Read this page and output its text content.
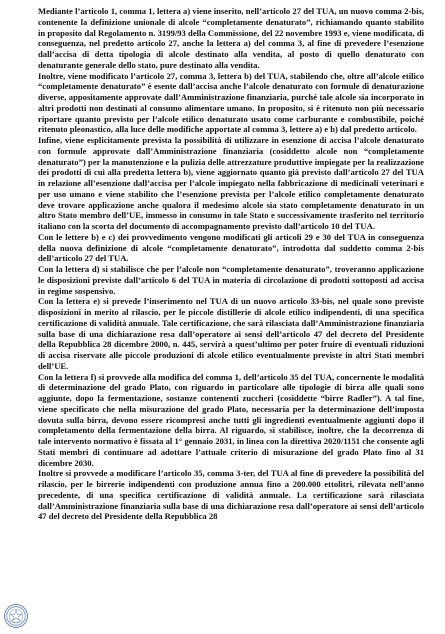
Mediante l’articolo 1, comma 1, lettera a) viene inserito, nell’articolo 27 del TUA, un nuovo comma 2-bis, contenente la definizione unionale di alcole “completamente denaturato”, richiamando quanto stabilito in proposito dal Regolamento n. 3199/93 della Commissione, del 22 novembre 1993 e, viene modificata, di conseguenza, nel predetto articolo 27, anche la lettera a) del comma 3, al fine di prevedere l’esenzione dall’accisa di detta tipologia di alcole destinato alla vendita, al posto di quello denaturato con denaturante generale dello stato, pure destinato alla vendita.

Inoltre, viene modificato l’articolo 27, comma 3, lettera b) del TUA, stabilendo che, oltre all’alcole etilico “completamente denaturato” è esente dall’accisa anche l’alcole denaturato con formule di denaturazione diverse, appositamente approvate dall’Amministrazione finanziaria, purché tale alcole sia incorporato in altri prodotti non destinati al consumo alimentare umano. In proposito, si è ritenuto non più necessario riportare quanto previsto per l’alcole etilico denaturato usato come carburante e combustibile, poiché ritenuto pleonastico, alla luce delle modifiche apportate al comma 3, lettere a) e b) dal predetto articolo.

Infine, viene esplicitamente prevista la possibilità di utilizzare in esenzione di accisa l’alcole denaturato con formule approvate dall’Amministrazione finanziaria (cosiddetto alcole non “completamente denaturato”) per la manutenzione e la pulizia delle attrezzature produttive impiegate per la realizzazione dei prodotti di cui alla predetta lettera b), viene aggiornato quanto già previsto dall’articolo 27 del TUA in relazione all’esenzione dall’accisa per l’alcole impiegato nella fabbricazione di medicinali veterinari e per uso umano e viene stabilito che l’esenzione prevista per l’alcole etilico completamente denaturato deve trovare applicazione anche qualora il medesimo alcole sia stato completamente denaturato in un altro Stato membro dell’UE, immesso in consumo in tale Stato e successivamente trasferito nel territorio italiano con la scorta del documento di accompagnamento previsto dall’articolo 10 del TUA.

Con le lettere b) e c) dei provvedimento vengono modificati gli articoli 29 e 30 del TUA in conseguenza della nuova definizione di alcole “completamente denaturato”, introdotta dal suddetto comma 2-bis dell’articolo 27 del TUA.

Con la lettera d) si stabilisce che per l’alcole non “completamente denaturato”, troveranno applicazione le disposizioni previste dall’articolo 6 del TUA in materia di circolazione di prodotti sottoposti ad accisa in regime sospensivo.

Con la lettera e) si prevede l’inserimento nel TUA di un nuovo articolo 33-bis, nel quale sono previste disposizioni in merito al rilascio, per le piccole distillerie di alcole etilico indipendenti, di una specifica certificazione di validità annuale. Tale certificazione, che sarà rilasciata dall’Amministrazione finanziaria sulla base di una dichiarazione resa dall’operatore ai sensi dell’articolo 47 del decreto del Presidente della Repubblica 28 dicembre 2000, n. 445, servirà a quest’ultimo per poter fruire di eventuali riduzioni di accisa riservate alle piccole produzioni di alcole etilico eventualmente previste in altri Stati membri dell’UE.

Con la lettera f) si provvede alla modifica del comma 1, dell’articolo 35 del TUA, concernente le modalità di determinazione del grado Plato, con riguardo in particolare alle tipologie di birra alle quali sono aggiunte, dopo la fermentazione, sostanze contenenti zuccheri (cosiddette “birre Radler”). A tal fine, viene specificato che nella misurazione del grado Plato, necessaria per la determinazione dell’imposta dovuta sulla birra, devono essere ricompresi anche tutti gli ingredienti eventualmente aggiunti dopo il completamento della fermentazione della birra. Al riguardo, si stabilisce, inoltre, che la decorrenza di tale intervento normativo è fissata al 1° gennaio 2031, in linea con la direttiva 2020/1151 che consente agli Stati membri di continuare ad adottare l’attuale criterio di misurazione del grado Plato fino al 31 dicembre 2030.

Inoltre si provvede a modificare l’articolo 35, comma 3-ter, del TUA al fine di prevedere la possibilità del rilascio, per le birrerie indipendenti con produzione annua fino a 200.000 ettolitri, rilevata nell’anno precedente, di una specifica certificazione di validità annuale. La certificazione sarà rilasciata dall’Amministrazione finanziaria sulla base di una dichiarazione resa dall’operatore ai sensi dell’articolo 47 del decreto del Presidente della Repubblica 28
